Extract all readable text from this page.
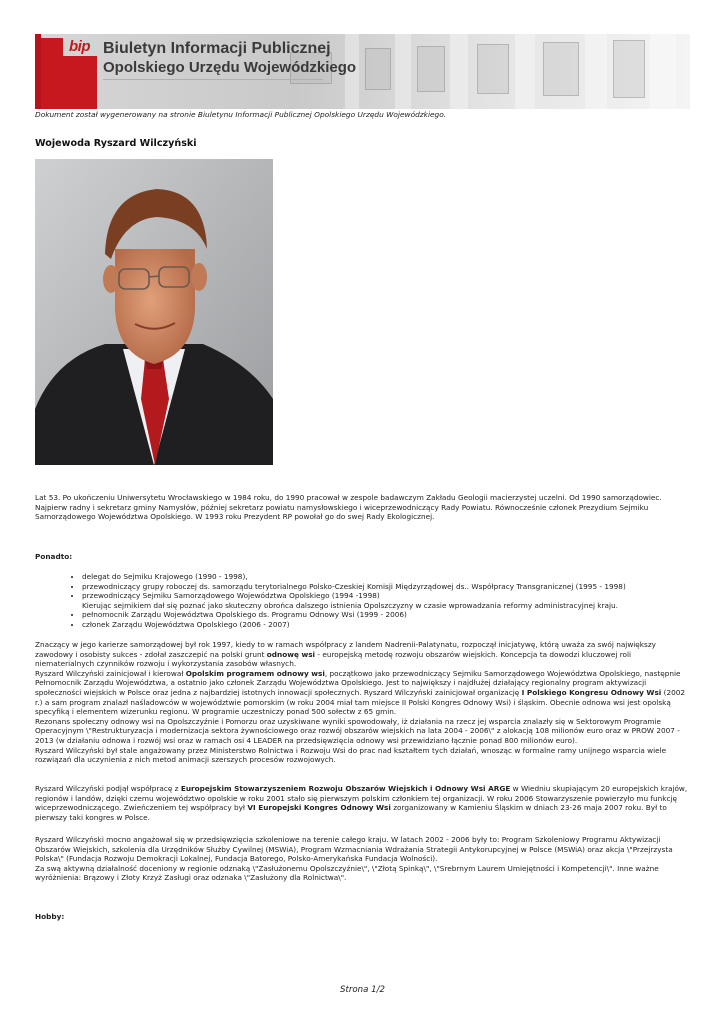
bip Biuletyn Informacji Publicznej
Opolskiego Urzędu Wojewódzkiego
Dokument został wygenerowany na stronie Biuletynu Informacji Publicznej Opolskiego Urzędu Wojewódzkiego.
Wojewoda Ryszard Wilczyński

Lat 53. Po ukończeniu Uniwersytetu Wrocławskiego w 1984 roku, do 1990 pracował w zespole badawczym Zakładu Geologii macierzystej uczelni. Od 1990 samorządowiec. Najpierw radny i sekretarz gminy Namysłów, później sekretarz powiatu namysłowskiego i wiceprzewodniczący Rady Powiatu. Równocześnie członek Prezydium Sejmiku Samorządowego Województwa Opolskiego. W 1993 roku Prezydent RP powołał go do swej Rady Ekologicznej.

Ponadto:
• delegat do Sejmiku Krajowego (1990 - 1998),
• przewodniczący grupy roboczej ds. samorządu terytorialnego Polsko-Czeskiej Komisji Międzyrządowej ds.. Współpracy Transgranicznej (1995 - 1998)
• przewodniczący Sejmiku Samorządowego Województwa Opolskiego (1994 -1998)
Kierując sejmikiem dał się poznać jako skuteczny obrońca dalszego istnienia Opolszczyzny w czasie wprowadzania reformy administracyjnej kraju.
• pełnomocnik Zarządu Województwa Opolskiego ds. Programu Odnowy Wsi (1999 - 2006)
• członek Zarządu Województwa Opolskiego (2006 - 2007)

Znaczący w jego karierze samorządowej był rok 1997, kiedy to w ramach współpracy z landem Nadrenii-Palatynatu, rozpoczął inicjatywę, którą uważa za swój największy zawodowy i osobisty sukces - zdołał zaszczepić na polski grunt odnowę wsi - europejską metodę rozwoju obszarów wiejskich. Koncepcja ta dowodzi kluczowej roli niematerialnych czynników rozwoju i wykorzystania zasobów własnych.

Ryszard Wilczyński zainicjował i kierował Opolskim programem odnowy wsi, początkowo jako przewodniczący Sejmiku Samorządowego Województwa Opolskiego, następnie Pełnomocnik Zarządu Województwa, a ostatnio jako członek Zarządu Województwa Opolskiego. Jest to największy i najdłużej działający regionalny program aktywizacji społeczności wiejskich w Polsce oraz jedna z najbardziej istotnych innowacji społecznych. Ryszard Wilczyński zainicjował organizację I Polskiego Kongresu Odnowy Wsi (2002 r.) a sam program znalazł naśladowców w województwie pomorskim (w roku 2004 miał tam miejsce II Polski Kongres Odnowy Wsi) i śląskim. Obecnie odnowa wsi jest opolską specyfiką i elementem wizerunku regionu. W programie uczestniczy ponad 500 sołectw z 65 gmin.

Rezonans społeczny odnowy wsi na Opolszczyźnie i Pomorzu oraz uzyskiwane wyniki spowodowały, iż działania na rzecz jej wsparcia znalazły się w Sektorowym Programie Operacyjnym \"Restrukturyzacja i modernizacja sektora żywnościowego oraz rozwój obszarów wiejskich na lata 2004 - 2006\" z alokacją 108 milionów euro oraz w PROW 2007 - 2013 (w działaniu odnowa i rozwój wsi oraz w ramach osi 4 LEADER na przedsięwzięcia odnowy wsi przewidziano łącznie ponad 800 milionów euro).

Ryszard Wilczyński był stale angażowany przez Ministerstwo Rolnictwa i Rozwoju Wsi do prac nad kształtem tych działań, wnosząc w formalne ramy unijnego wsparcia wiele rozwiązań dla uczynienia z nich metod animacji szerszych procesów rozwojowych.

Ryszard Wilczyński podjął współpracę z Europejskim Stowarzyszeniem Rozwoju Obszarów Wiejskich i Odnowy Wsi ARGE w Wiedniu skupiającym 20 europejskich krajów, regionów i landów, dzięki czemu województwo opolskie w roku 2001 stało się pierwszym polskim członkiem tej organizacji. W roku 2006 Stowarzyszenie powierzyło mu funkcję wiceprzewodniczącego. Zwieńczeniem tej współpracy był VI Europejski Kongres Odnowy Wsi zorganizowany w Kamieniu Śląskim w dniach 23-26 maja 2007 roku. Był to pierwszy taki kongres w Polsce.

Ryszard Wilczyński mocno angażował się w przedsięwzięcia szkoleniowe na terenie całego kraju. W latach 2002 - 2006 były to: Program Szkoleniowy Programu Aktywizacji Obszarów Wiejskich, szkolenia dla Urzędników Służby Cywilnej (MSWiA), Program Wzmacniania Wdrażania Strategii Antykorupcyjnej w Polsce (MSWiA) oraz akcja \"Przejrzysta Polska\" (Fundacja Rozwoju Demokracji Lokalnej, Fundacja Batorego, Polsko-Amerykańska Fundacja Wolności).

Za swą aktywną działalność doceniony w regionie odznaką \"Zasłużonemu Opolszczyźnie\", \"Złotą Spinką\", \"Srebrnym Laurem Umiejętności i Kompetencji\". Inne ważne wyróżnienia: Brązowy i Złoty Krzyż Zasługi oraz odznaka \"Zasłużony dla Rolnictwa\".

Hobby:
Strona 1/2
